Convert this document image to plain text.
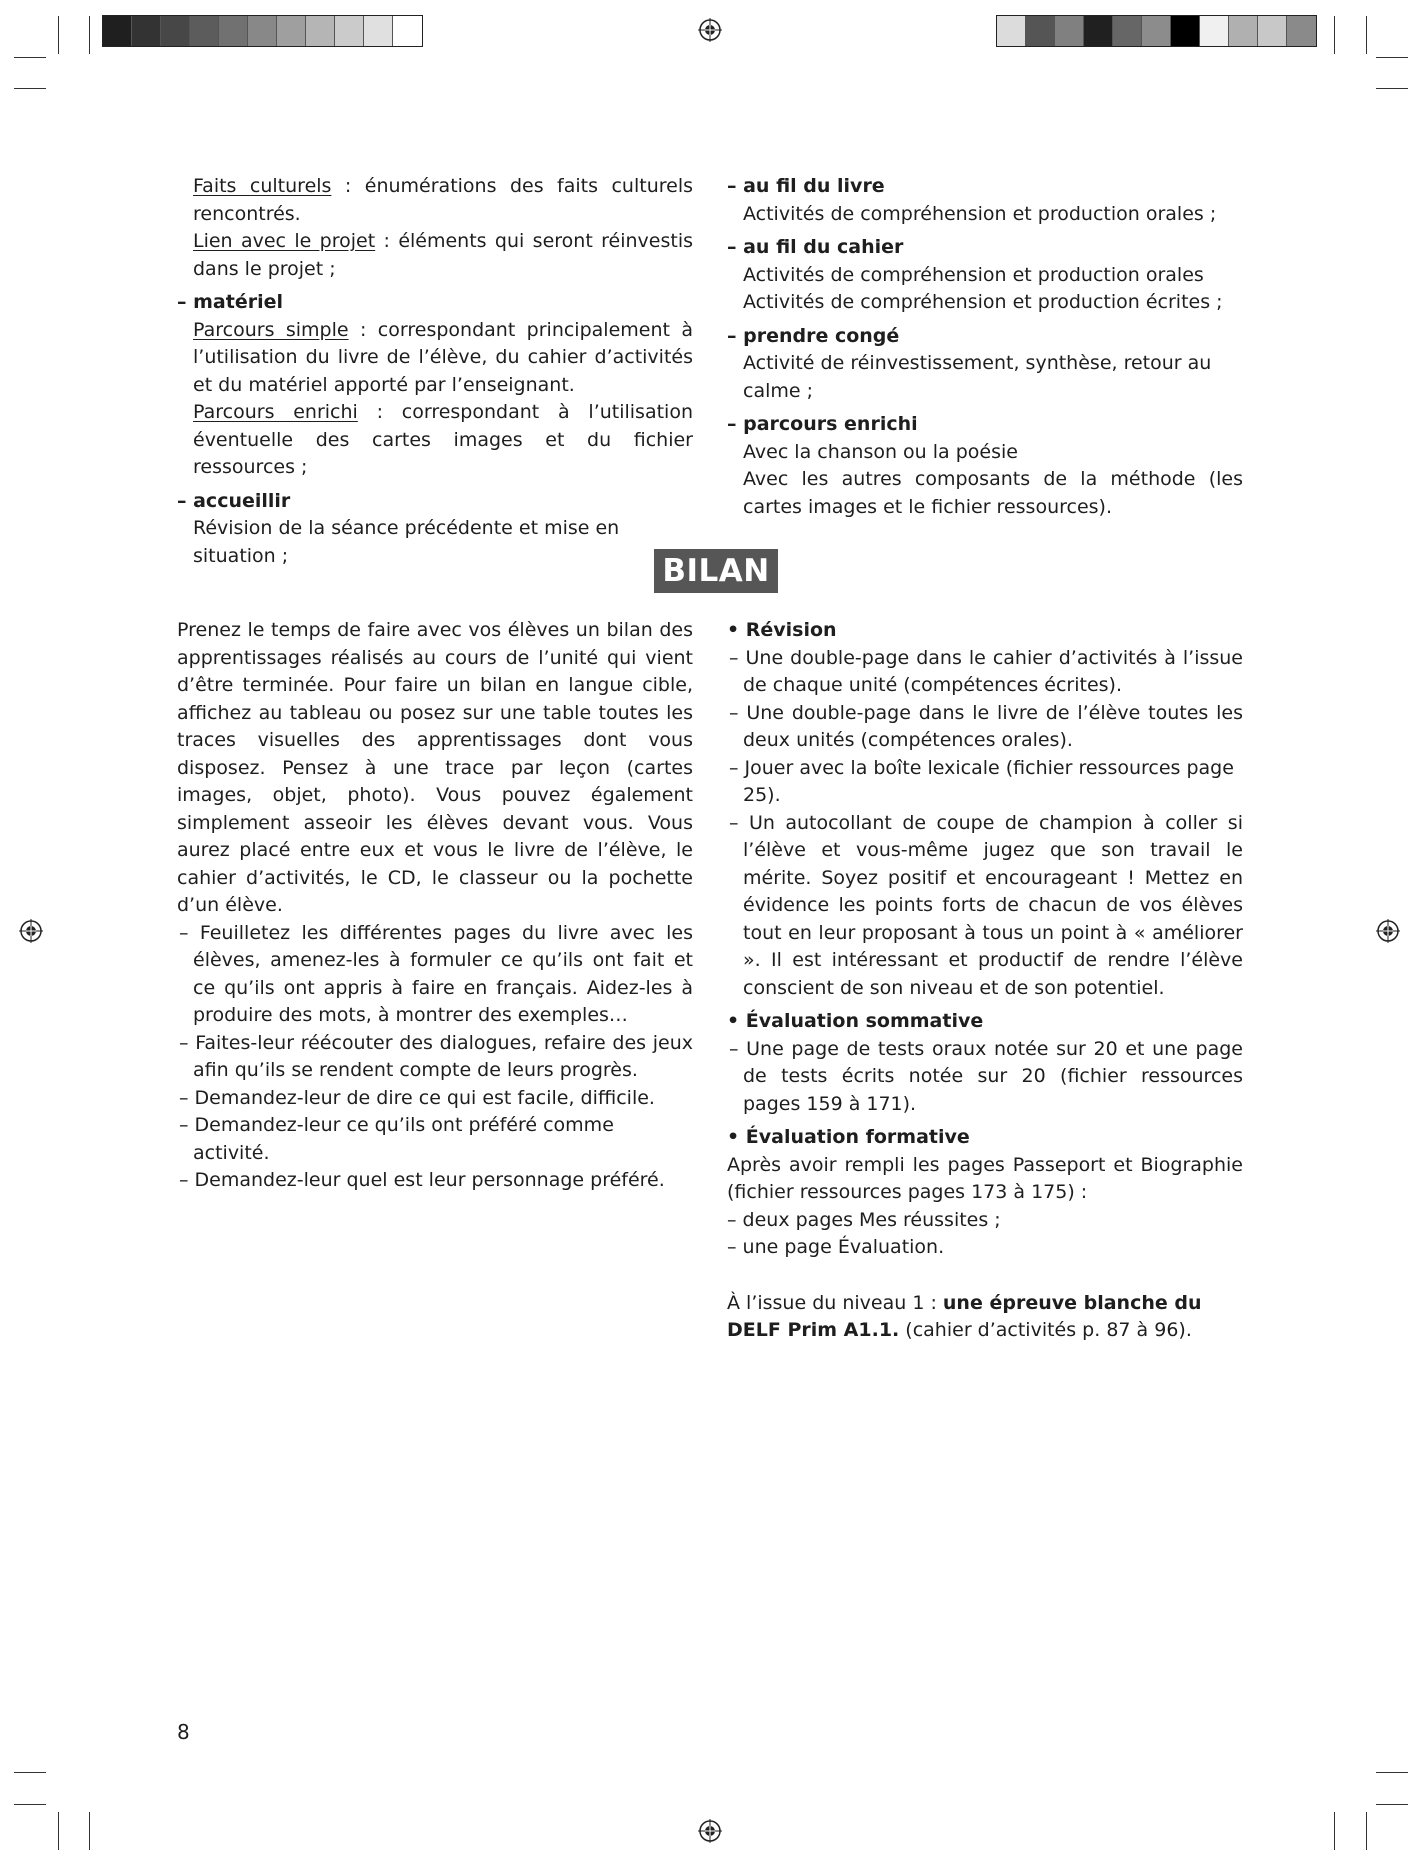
Faits culturels : énumérations des faits culturels rencontrés.

Lien avec le projet : éléments qui seront réinvestis dans le projet ;

– matériel

Parcours simple : correspondant principalement à l’utilisation du livre de l’élève, du cahier d’activités et du matériel apporté par l’enseignant.

Parcours enrichi : correspondant à l’utilisation éventuelle des cartes images et du fichier ressources ;

– accueillir

Révision de la séance précédente et mise en situation ;

– au fil du livre

Activités de compréhension et production orales ;

– au fil du cahier

Activités de compréhension et production orales

Activités de compréhension et production écrites ;

– prendre congé

Activité de réinvestissement, synthèse, retour au calme ;

– parcours enrichi

Avec la chanson ou la poésie

Avec les autres composants de la méthode (les cartes images et le fichier ressources).

BILAN

Prenez le temps de faire avec vos élèves un bilan des apprentissages réalisés au cours de l’unité qui vient d’être terminée. Pour faire un bilan en langue cible, affichez au tableau ou posez sur une table toutes les traces visuelles des apprentissages dont vous disposez. Pensez à une trace par leçon (cartes images, objet, photo). Vous pouvez également simplement asseoir les élèves devant vous. Vous aurez placé entre eux et vous le livre de l’élève, le cahier d’activités, le CD, le classeur ou la pochette d’un élève.

– Feuilletez les différentes pages du livre avec les élèves, amenez-les à formuler ce qu’ils ont fait et ce qu’ils ont appris à faire en français. Aidez-les à produire des mots, à montrer des exemples…

– Faites-leur réécouter des dialogues, refaire des jeux afin qu’ils se rendent compte de leurs progrès.

– Demandez-leur de dire ce qui est facile, difficile.

– Demandez-leur ce qu’ils ont préféré comme activité.

– Demandez-leur quel est leur personnage préféré.

• Révision

– Une double-page dans le cahier d’activités à l’issue de chaque unité (compétences écrites).

– Une double-page dans le livre de l’élève toutes les deux unités (compétences orales).

– Jouer avec la boîte lexicale (fichier ressources page 25).

– Un autocollant de coupe de champion à coller si l’élève et vous-même jugez que son travail le mérite. Soyez positif et encourageant ! Mettez en évidence les points forts de chacun de vos élèves tout en leur proposant à tous un point à « améliorer ». Il est intéressant et productif de rendre l’élève conscient de son niveau et de son potentiel.

• Évaluation sommative

– Une page de tests oraux notée sur 20 et une page de tests écrits notée sur 20 (fichier ressources pages 159 à 171).

• Évaluation formative

Après avoir rempli les pages Passeport et Biographie (fichier ressources pages 173 à 175) :

– deux pages Mes réussites ;

– une page Évaluation.

À l’issue du niveau 1 : une épreuve blanche du DELF Prim A1.1. (cahier d’activités p. 87 à 96).

8
